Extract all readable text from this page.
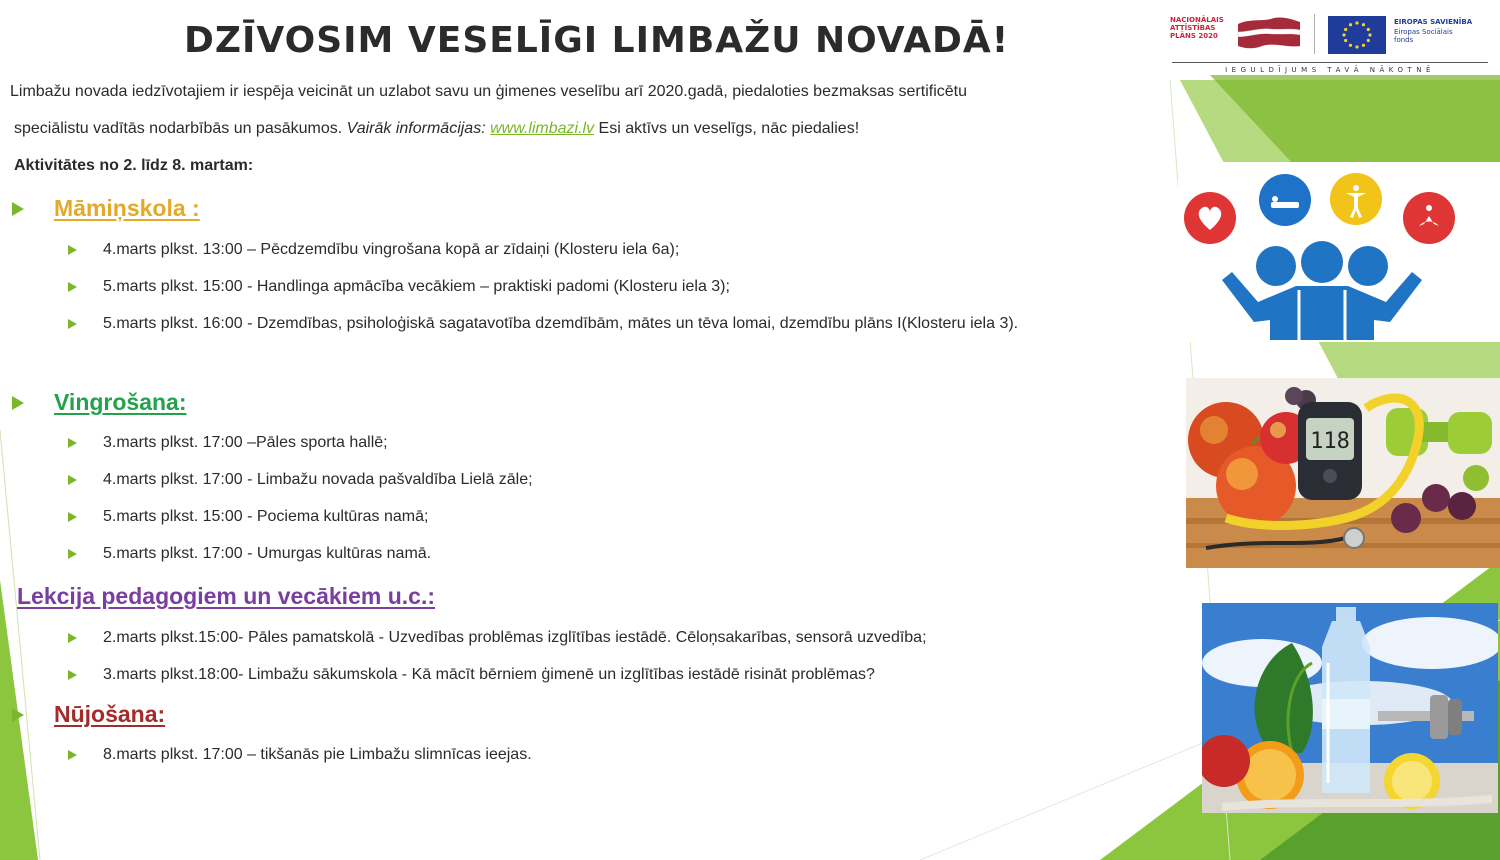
DZĪVOSIM VESELĪGI LIMBAŽU NOVADĀ!
Limbažu novada iedzīvotajiem ir iespēja veicināt un uzlabot savu un ģimenes veselību arī 2020.gadā, piedaloties bezmaksas sertificētu
speciālistu vadītās nodarbībās un pasākumos. Vairāk informācijas: www.limbazi.lv Esi aktīvs un veselīgs, nāc piedalies!
Aktivitātes no 2. līdz 8. martam:
Māmiņskola :
4.marts plkst. 13:00 – Pēcdzemdību vingrošana kopā ar zīdaiņi (Klosteru iela 6a);
5.marts plkst. 15:00 - Handlinga apmācība vecākiem – praktiski padomi (Klosteru iela 3);
5.marts plkst. 16:00 - Dzemdības, psiholoģiskā sagatavotība dzemdībām, mātes un tēva lomai, dzemdību plāns I(Klosteru iela 3).
Vingrošana:
3.marts plkst. 17:00 –Pāles sporta hallē;
4.marts plkst. 17:00 - Limbažu novada pašvaldība Lielā zāle;
5.marts plkst. 15:00 - Pociema kultūras namā;
5.marts plkst. 17:00 - Umurgas kultūras namā.
Lekcija pedagogiem un vecākiem u.c.:
2.marts plkst.15:00- Pāles pamatskolā - Uzvedības problēmas izglītības iestādē. Cēloņsakarības, sensorā uzvedība;
3.marts plkst.18:00- Limbažu sākumskola - Kā mācīt bērniem ģimenē un izglītības iestādē risināt problēmas?
Nūjošana:
8.marts plkst. 17:00 – tikšanās pie Limbažu slimnīcas ieejas.
NACIONĀLAIS
ATTĪSTĪBAS
PLĀNS 2020
EIROPAS SAVIENĪBA
Eiropas Sociālais
fonds
IEGULDĪJUMS TAVĀ NĀKOTNĒ
118
